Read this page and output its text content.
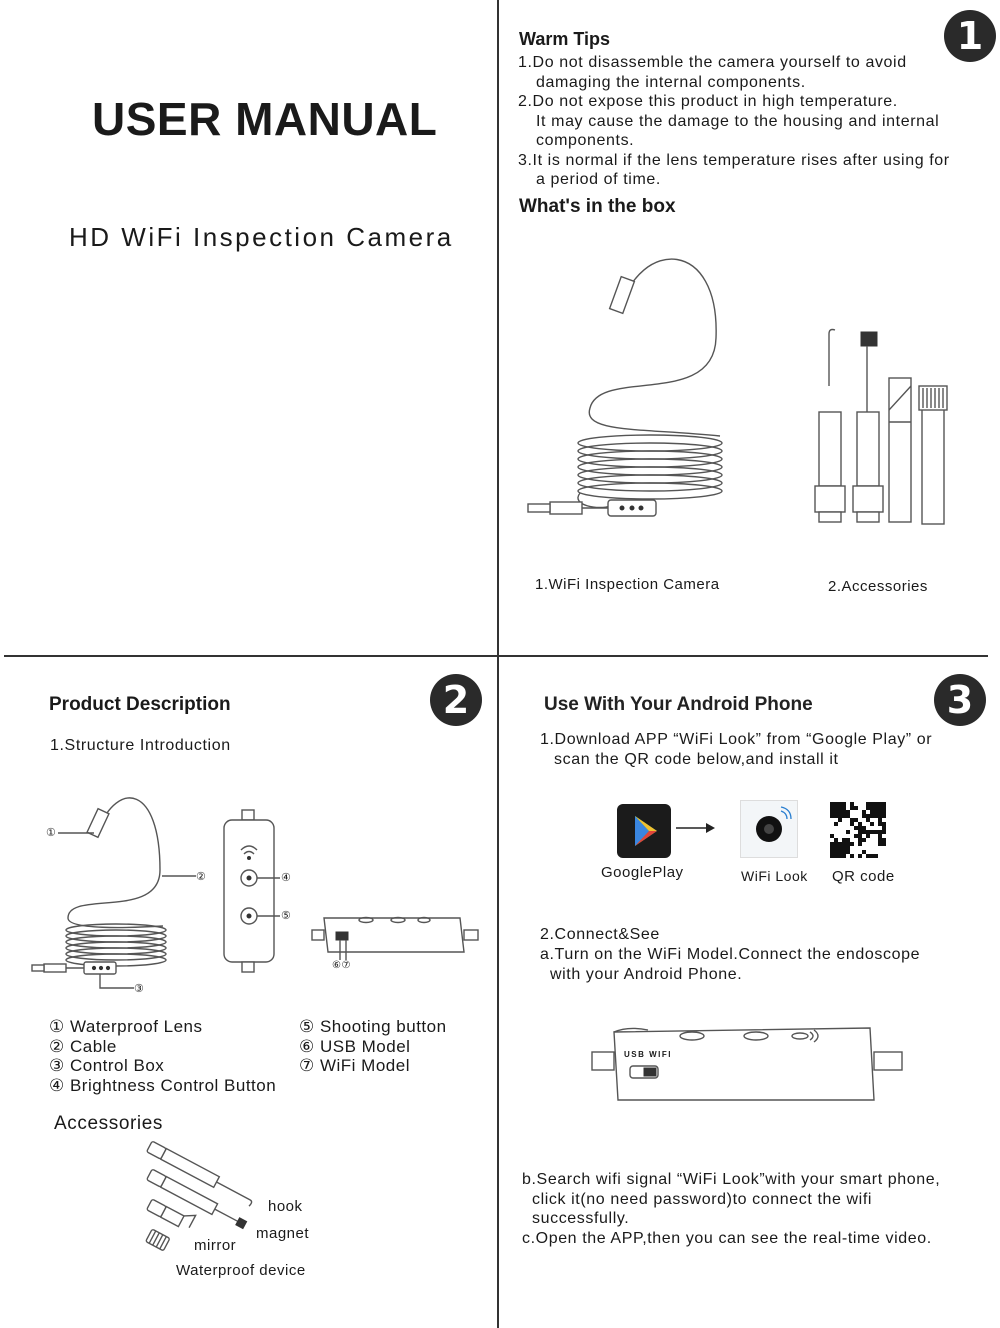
USER MANUAL
HD WiFi Inspection Camera
1
Warm Tips
1.Do not disassemble the camera yourself to avoid
damaging the internal components.
2.Do not expose this product in high temperature.
It may cause the damage to the housing and internal
components.
3.It is normal if the lens temperature rises after using for
a period of time.
What's in the box
1.WiFi Inspection Camera	2.Accessories
2
Product Description
1.Structure Introduction
①
②
③
④
⑤
⑥⑦
① Waterproof Lens
② Cable
③ Control Box
④ Brightness Control Button
⑤ Shooting button
⑥ USB Model
⑦ WiFi Model
Accessories
hook
magnet
mirror
Waterproof device
3
Use With Your Android Phone
1.Download APP “WiFi Look” from “Google Play” or
scan the QR code below,and install it
GooglePlay	WiFi Look QR code
2.Connect&See
a.Turn on the WiFi Model.Connect the endoscope
with your Android Phone.
USB WIFI
b.Search wifi signal “WiFi Look”with your smart phone,
click it(no need password)to connect the wifi
successfully.
c.Open the APP,then you can see the real-time video.
